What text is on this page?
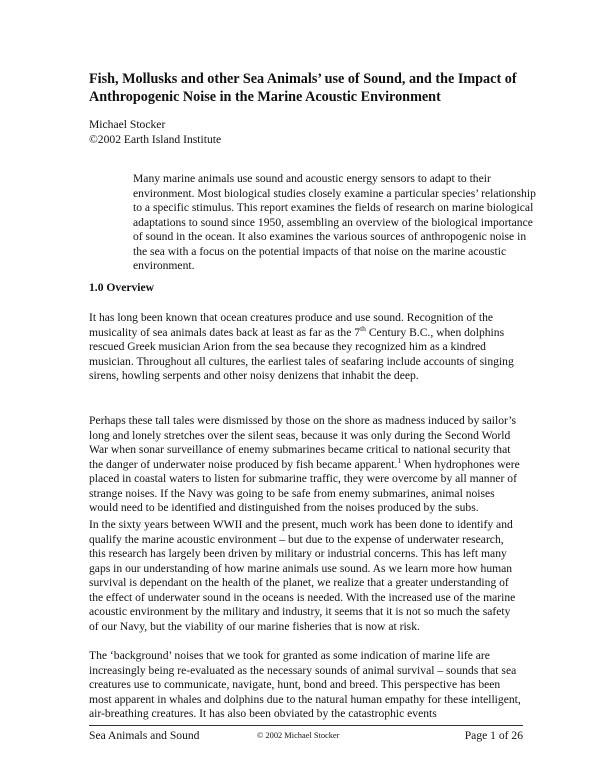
Fish, Mollusks and other Sea Animals’ use of Sound, and the Impact of Anthropogenic Noise in the Marine Acoustic Environment
Michael Stocker
©2002 Earth Island Institute

Many marine animals use sound and acoustic energy sensors to adapt to their environment. Most biological studies closely examine a particular species’ relationship to a specific stimulus. This report examines the fields of research on marine biological adaptations to sound since 1950, assembling an overview of the biological importance of sound in the ocean. It also examines the various sources of anthropogenic noise in the sea with a focus on the potential impacts of that noise on the marine acoustic environment.

1.0 Overview

It has long been known that ocean creatures produce and use sound. Recognition of the musicality of sea animals dates back at least as far as the 7th Century B.C., when dolphins rescued Greek musician Arion from the sea because they recognized him as a kindred musician. Throughout all cultures, the earliest tales of seafaring include accounts of singing sirens, howling serpents and other noisy denizens that inhabit the deep.

Perhaps these tall tales were dismissed by those on the shore as madness induced by sailor’s long and lonely stretches over the silent seas, because it was only during the Second World War when sonar surveillance of enemy submarines became critical to national security that the danger of underwater noise produced by fish became apparent.$^1$ When hydrophones were placed in coastal waters to listen for submarine traffic, they were overcome by all manner of strange noises. If the Navy was going to be safe from enemy submarines, animal noises would need to be identified and distinguished from the noises produced by the subs.

In the sixty years between WWII and the present, much work has been done to identify and qualify the marine acoustic environment – but due to the expense of underwater research, this research has largely been driven by military or industrial concerns. This has left many gaps in our understanding of how marine animals use sound. As we learn more how human survival is dependant on the health of the planet, we realize that a greater understanding of the effect of underwater sound in the oceans is needed. With the increased use of the marine acoustic environment by the military and industry, it seems that it is not so much the safety of our Navy, but the viability of our marine fisheries that is now at risk.

The ‘background’ noises that we took for granted as some indication of marine life are increasingly being re-evaluated as the necessary sounds of animal survival – sounds that sea creatures use to communicate, navigate, hunt, bond and breed. This perspective has been most apparent in whales and dolphins due to the natural human empathy for these intelligent, air-breathing creatures. It has also been obviated by the catastrophic events

Sea Animals and Sound	© 2002 Michael Stocker	Page 1 of 26
